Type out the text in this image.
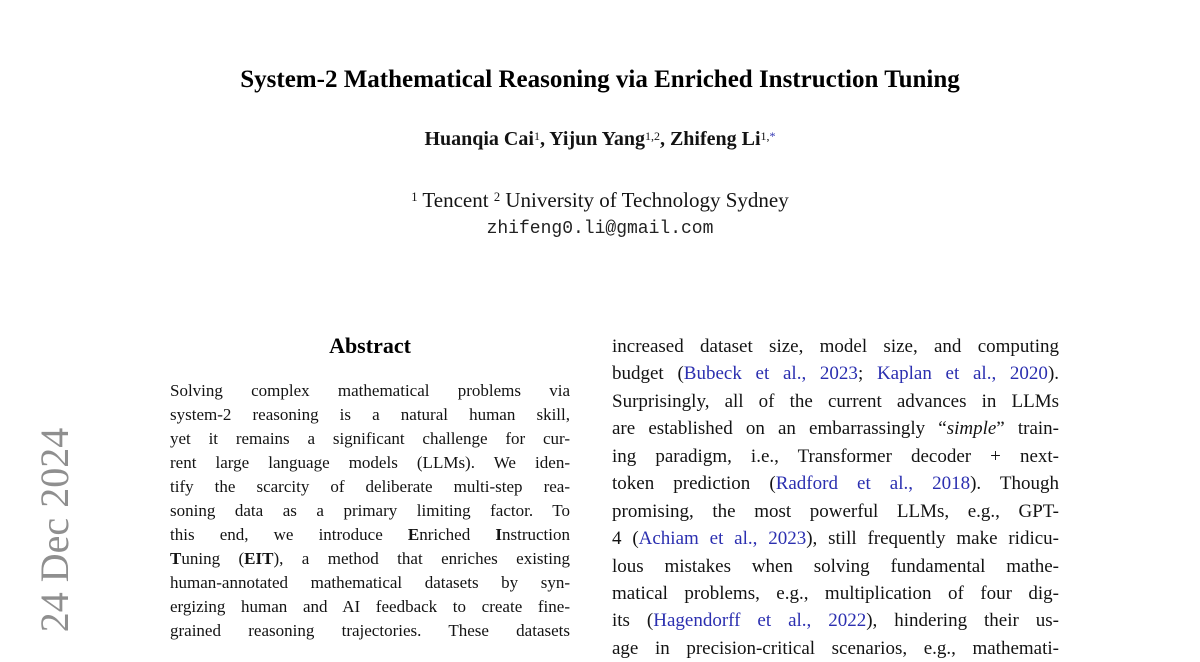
24 Dec 2024
System-2 Mathematical Reasoning via Enriched Instruction Tuning
Huanqia Cai$^1$, Yijun Yang$^{1,2}$, Zhifeng Li$^{1,*}$
$^1$ Tencent $^2$ University of Technology Sydney
zhifeng0.li@gmail.com
Abstract
Solving complex mathematical problems via
system-2 reasoning is a natural human skill,
yet it remains a significant challenge for cur-
rent large language models (LLMs). We iden-
tify the scarcity of deliberate multi-step rea-
soning data as a primary limiting factor. To
this end, we introduce Enriched Instruction
Tuning (EIT), a method that enriches existing
human-annotated mathematical datasets by syn-
ergizing human and AI feedback to create fine-
grained reasoning trajectories. These datasets
increased dataset size, model size, and computing
budget (Bubeck et al., 2023; Kaplan et al., 2020).
Surprisingly, all of the current advances in LLMs
are established on an embarrassingly “simple” train-
ing paradigm, i.e., Transformer decoder + next-
token prediction (Radford et al., 2018). Though
promising, the most powerful LLMs, e.g., GPT-
4 (Achiam et al., 2023), still frequently make ridicu-
lous mistakes when solving fundamental mathe-
matical problems, e.g., multiplication of four dig-
its (Hagendorff et al., 2022), hindering their us-
age in precision-critical scenarios, e.g., mathemati-
